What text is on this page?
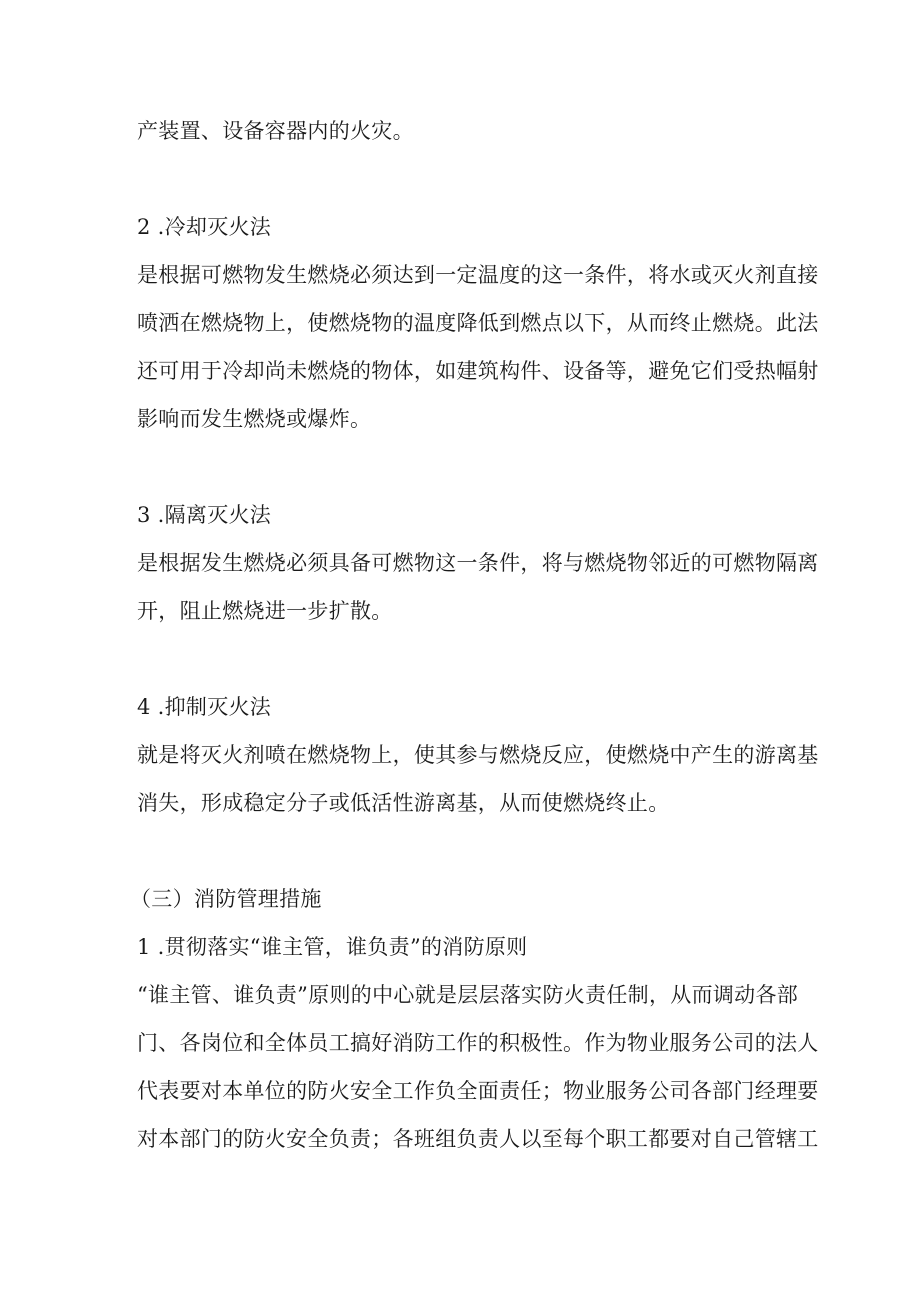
产装置、设备容器内的火灾。
2 .冷却灭火法
是根据可燃物发生燃烧必须达到一定温度的这一条件，将水或灭火剂直接
喷洒在燃烧物上，使燃烧物的温度降低到燃点以下，从而终止燃烧。此法
还可用于冷却尚未燃烧的物体，如建筑构件、设备等，避免它们受热幅射
影响而发生燃烧或爆炸。
3 .隔离灭火法
是根据发生燃烧必须具备可燃物这一条件，将与燃烧物邻近的可燃物隔离
开，阻止燃烧进一步扩散。
4 .抑制灭火法
就是将灭火剂喷在燃烧物上，使其参与燃烧反应，使燃烧中产生的游离基
消失，形成稳定分子或低活性游离基，从而使燃烧终止。
（三）消防管理措施
1 .贯彻落实“谁主管，谁负责”的消防原则
“谁主管、谁负责”原则的中心就是层层落实防火责任制，从而调动各部
门、各岗位和全体员工搞好消防工作的积极性。作为物业服务公司的法人
代表要对本单位的防火安全工作负全面责任；物业服务公司各部门经理要
对本部门的防火安全负责；各班组负责人以至每个职工都要对自己管辖工
